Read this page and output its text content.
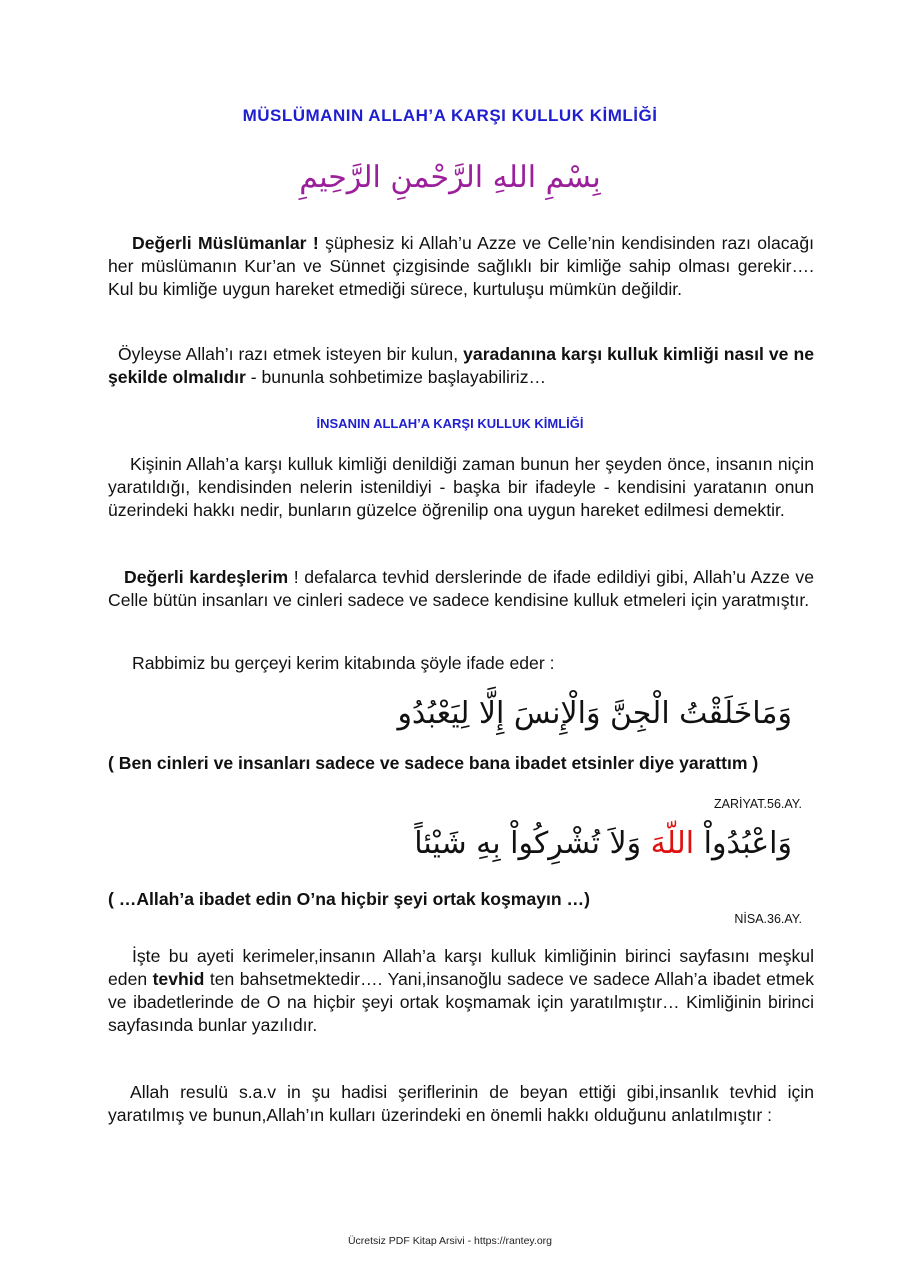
MÜSLÜMANIN ALLAH’A KARŞI KULLUK KİMLİĞİ

بِسْمِ اللهِ الرَّحْمنِ الرَّحِيمِ

Değerli Müslümanlar ! şüphesiz ki Allah’u Azze ve Celle’nin kendisinden razı olacağı her müslümanın Kur’an ve Sünnet çizgisinde sağlıklı bir kimliğe sahip olması gerekir…. Kul bu kimliğe uygun hareket etmediği sürece, kurtuluşu mümkün değildir.

Öyleyse Allah’ı razı etmek isteyen bir kulun, yaradanına karşı kulluk kimliği nasıl ve ne şekilde olmalıdır - bununla sohbetimize başlayabiliriz…

İNSANIN ALLAH’A KARŞI KULLUK KİMLİĞİ

Kişinin Allah’a karşı kulluk kimliği denildiği zaman bunun her şeyden önce, insanın niçin yaratıldığı, kendisinden nelerin istenildiyi - başka bir ifadeyle - kendisini yaratanın onun üzerindeki hakkı nedir, bunların güzelce öğrenilip ona uygun hareket edilmesi demektir.

Değerli kardeşlerim ! defalarca tevhid derslerinde de ifade edildiyi gibi, Allah’u Azze ve Celle bütün insanları ve cinleri sadece ve sadece kendisine kulluk etmeleri için yaratmıştır.

Rabbimiz bu gerçeyi kerim kitabında şöyle ifade eder :

وَمَاخَلَقْتُ الْجِنَّ وَالْإِنسَ إِلَّا لِيَعْبُدُو

( Ben cinleri ve insanları sadece ve sadece bana ibadet etsinler diye yarattım )

ZARİYAT.56.AY.

وَاعْبُدُواْ اللّهَ وَلاَ تُشْرِكُواْ بِهِ شَيْئاً

( …Allah’a ibadet edin O’na hiçbir şeyi ortak koşmayın …)

NİSA.36.AY.

İşte bu ayeti kerimeler,insanın Allah’a karşı kulluk kimliğinin birinci sayfasını meşkul eden tevhid ten bahsetmektedir…. Yani,insanoğlu sadece ve sadece Allah’a ibadet etmek ve ibadetlerinde de O na hiçbir şeyi ortak koşmamak için yaratılmıştır… Kimliğinin birinci sayfasında bunlar yazılıdır.

Allah resulü s.a.v in şu hadisi şeriflerinin de beyan ettiği gibi,insanlık tevhid için yaratılmış ve bunun,Allah’ın kulları üzerindeki en önemli hakkı olduğunu anlatılmıştır :

Ücretsiz PDF Kitap Arsivi - https://rantey.org
